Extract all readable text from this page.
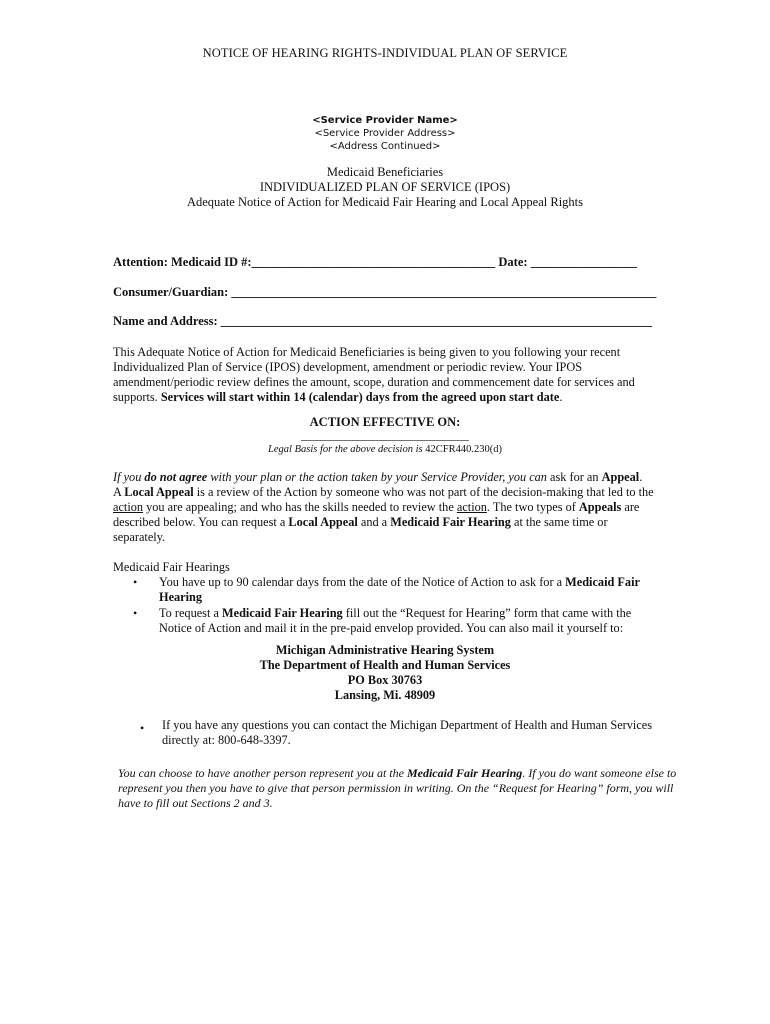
NOTICE OF HEARING RIGHTS-INDIVIDUAL PLAN OF SERVICE
<Service Provider Name>
<Service Provider Address>
<Address Continued>
Medicaid Beneficiaries
INDIVIDUALIZED PLAN OF SERVICE (IPOS)
Adequate Notice of Action for Medicaid Fair Hearing and Local Appeal Rights
Attention: Medicaid ID #:_______________________________________ Date: _________________
Consumer/Guardian: ____________________________________________________________________
Name and Address: _____________________________________________________________________
This Adequate Notice of Action for Medicaid Beneficiaries is being given to you following your recent Individualized Plan of Service (IPOS) development, amendment or periodic review. Your IPOS amendment/periodic review defines the amount, scope, duration and commencement date for services and supports. Services will start within 14 (calendar) days from the agreed upon start date.
ACTION EFFECTIVE ON:
____________________________
Legal Basis for the above decision is 42CFR440.230(d)
If you do not agree with your plan or the action taken by your Service Provider, you can ask for an Appeal.
A Local Appeal is a review of the Action by someone who was not part of the decision-making that led to the action you are appealing; and who has the skills needed to review the action. The two types of Appeals are described below. You can request a Local Appeal and a Medicaid Fair Hearing at the same time or separately.
Medicaid Fair Hearings
• You have up to 90 calendar days from the date of the Notice of Action to ask for a Medicaid Fair Hearing
• To request a Medicaid Fair Hearing fill out the “Request for Hearing” form that came with the Notice of Action and mail it in the pre-paid envelop provided. You can also mail it yourself to:
Michigan Administrative Hearing System
The Department of Health and Human Services
PO Box 30763
Lansing, Mi. 48909
• If you have any questions you can contact the Michigan Department of Health and Human Services directly at: 800-648-3397.
You can choose to have another person represent you at the Medicaid Fair Hearing. If you do want someone else to represent you then you have to give that person permission in writing. On the “Request for Hearing” form, you will have to fill out Sections 2 and 3.
